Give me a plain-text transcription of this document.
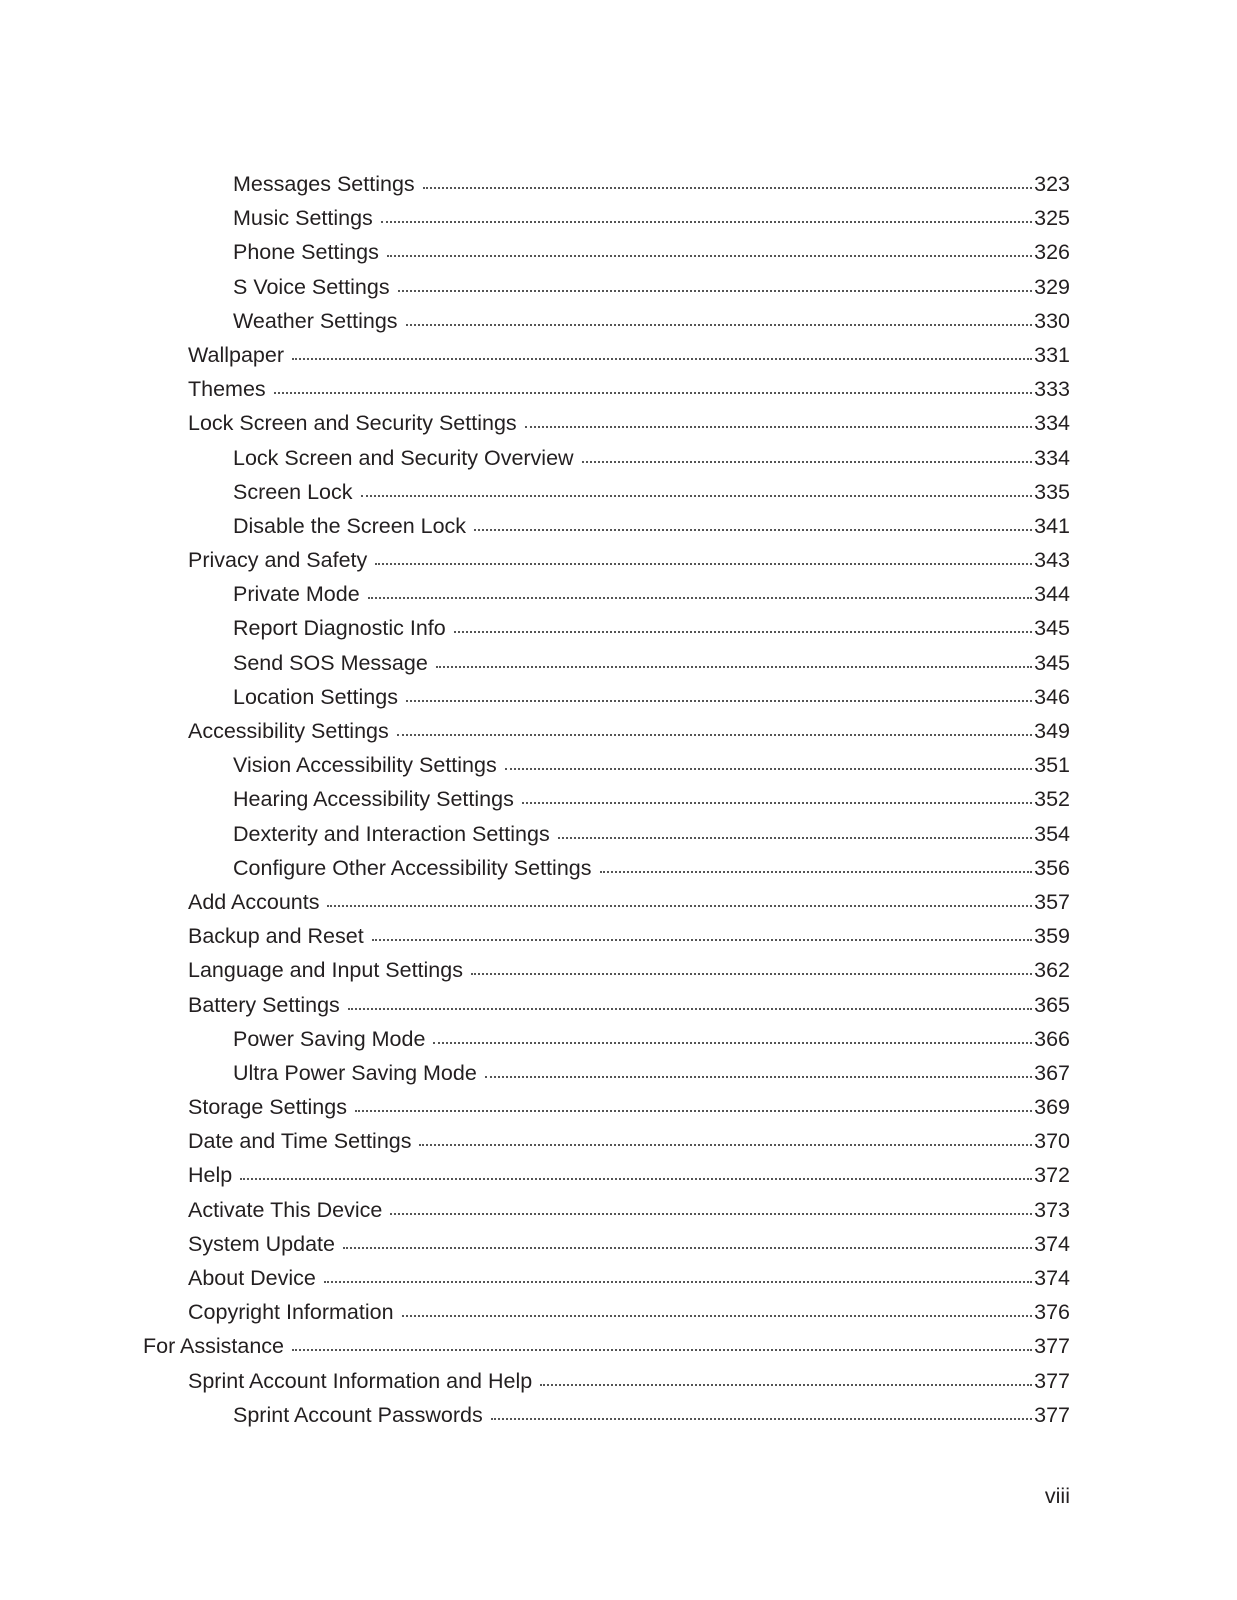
Messages Settings	323
Music Settings	325
Phone Settings	326
S Voice Settings	329
Weather Settings	330
Wallpaper	331
Themes	333
Lock Screen and Security Settings	334
Lock Screen and Security Overview	334
Screen Lock	335
Disable the Screen Lock	341
Privacy and Safety	343
Private Mode	344
Report Diagnostic Info	345
Send SOS Message	345
Location Settings	346
Accessibility Settings	349
Vision Accessibility Settings	351
Hearing Accessibility Settings	352
Dexterity and Interaction Settings	354
Configure Other Accessibility Settings	356
Add Accounts	357
Backup and Reset	359
Language and Input Settings	362
Battery Settings	365
Power Saving Mode	366
Ultra Power Saving Mode	367
Storage Settings	369
Date and Time Settings	370
Help	372
Activate This Device	373
System Update	374
About Device	374
Copyright Information	376
For Assistance	377
Sprint Account Information and Help	377
Sprint Account Passwords	377
viii
